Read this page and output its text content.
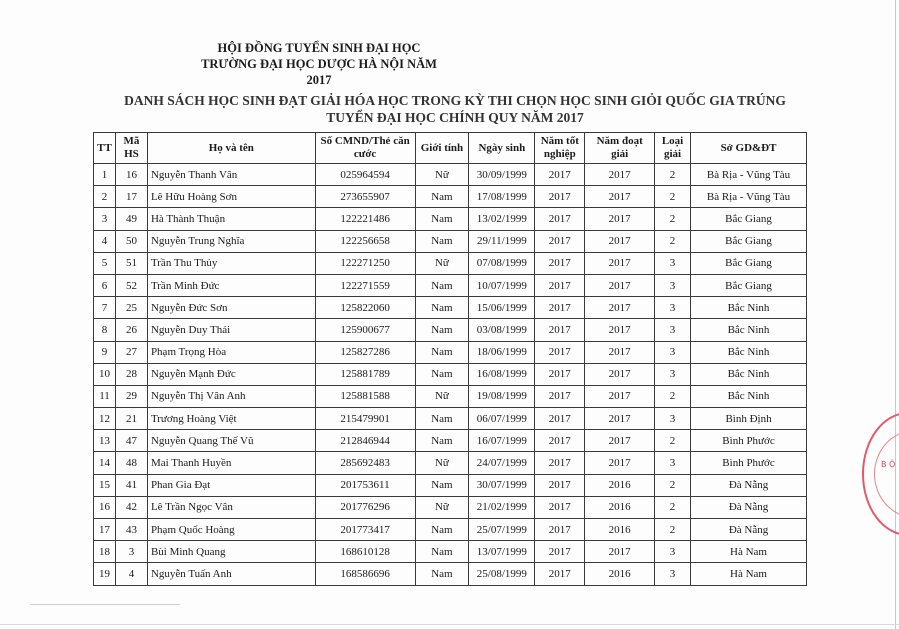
HỘI ĐỒNG TUYỂN SINH ĐẠI HỌC
TRƯỜNG ĐẠI HỌC DƯỢC HÀ NỘI NĂM 2017
DANH SÁCH HỌC SINH ĐẠT GIẢI HÓA HỌC TRONG KỲ THI CHỌN HỌC SINH GIỎI QUỐC GIA TRÚNG
TUYỂN ĐẠI HỌC CHÍNH QUY NĂM 2017
TT	Mã HS	Họ và tên	Số CMND/Thẻ căn cước	Giới tính	Ngày sinh	Năm tốt nghiệp	Năm đoạt giải	Loại giải	Sở GD&ĐT
1	16	Nguyễn Thanh Vân	025964594	Nữ	30/09/1999	2017	2017	2	Bà Rịa - Vũng Tàu
2	17	Lê Hữu Hoàng Sơn	273655907	Nam	17/08/1999	2017	2017	2	Bà Rịa - Vũng Tàu
3	49	Hà Thành Thuận	122221486	Nam	13/02/1999	2017	2017	2	Bắc Giang
4	50	Nguyễn Trung Nghĩa	122256658	Nam	29/11/1999	2017	2017	2	Bắc Giang
5	51	Trần Thu Thủy	122271250	Nữ	07/08/1999	2017	2017	3	Bắc Giang
6	52	Trần Minh Đức	122271559	Nam	10/07/1999	2017	2017	3	Bắc Giang
7	25	Nguyễn Đức Sơn	125822060	Nam	15/06/1999	2017	2017	3	Bắc Ninh
8	26	Nguyễn Duy Thái	125900677	Nam	03/08/1999	2017	2017	3	Bắc Ninh
9	27	Phạm Trọng Hòa	125827286	Nam	18/06/1999	2017	2017	3	Bắc Ninh
10	28	Nguyễn Mạnh Đức	125881789	Nam	16/08/1999	2017	2017	3	Bắc Ninh
11	29	Nguyễn Thị Vân Anh	125881588	Nữ	19/08/1999	2017	2017	2	Bắc Ninh
12	21	Trương Hoàng Việt	215479901	Nam	06/07/1999	2017	2017	3	Bình Định
13	47	Nguyễn Quang Thế Vũ	212846944	Nam	16/07/1999	2017	2017	2	Bình Phước
14	48	Mai Thanh Huyền	285692483	Nữ	24/07/1999	2017	2017	3	Bình Phước
15	41	Phan Gia Đạt	201753611	Nam	30/07/1999	2017	2016	2	Đà Nẵng
16	42	Lê Trần Ngọc Vân	201776296	Nữ	21/02/1999	2017	2016	2	Đà Nẵng
17	43	Phạm Quốc Hoàng	201773417	Nam	25/07/1999	2017	2016	2	Đà Nẵng
18	3	Bùi Minh Quang	168610128	Nam	13/07/1999	2017	2017	3	Hà Nam
19	4	Nguyễn Tuấn Anh	168586696	Nam	25/08/1999	2017	2016	3	Hà Nam
B Ộ
